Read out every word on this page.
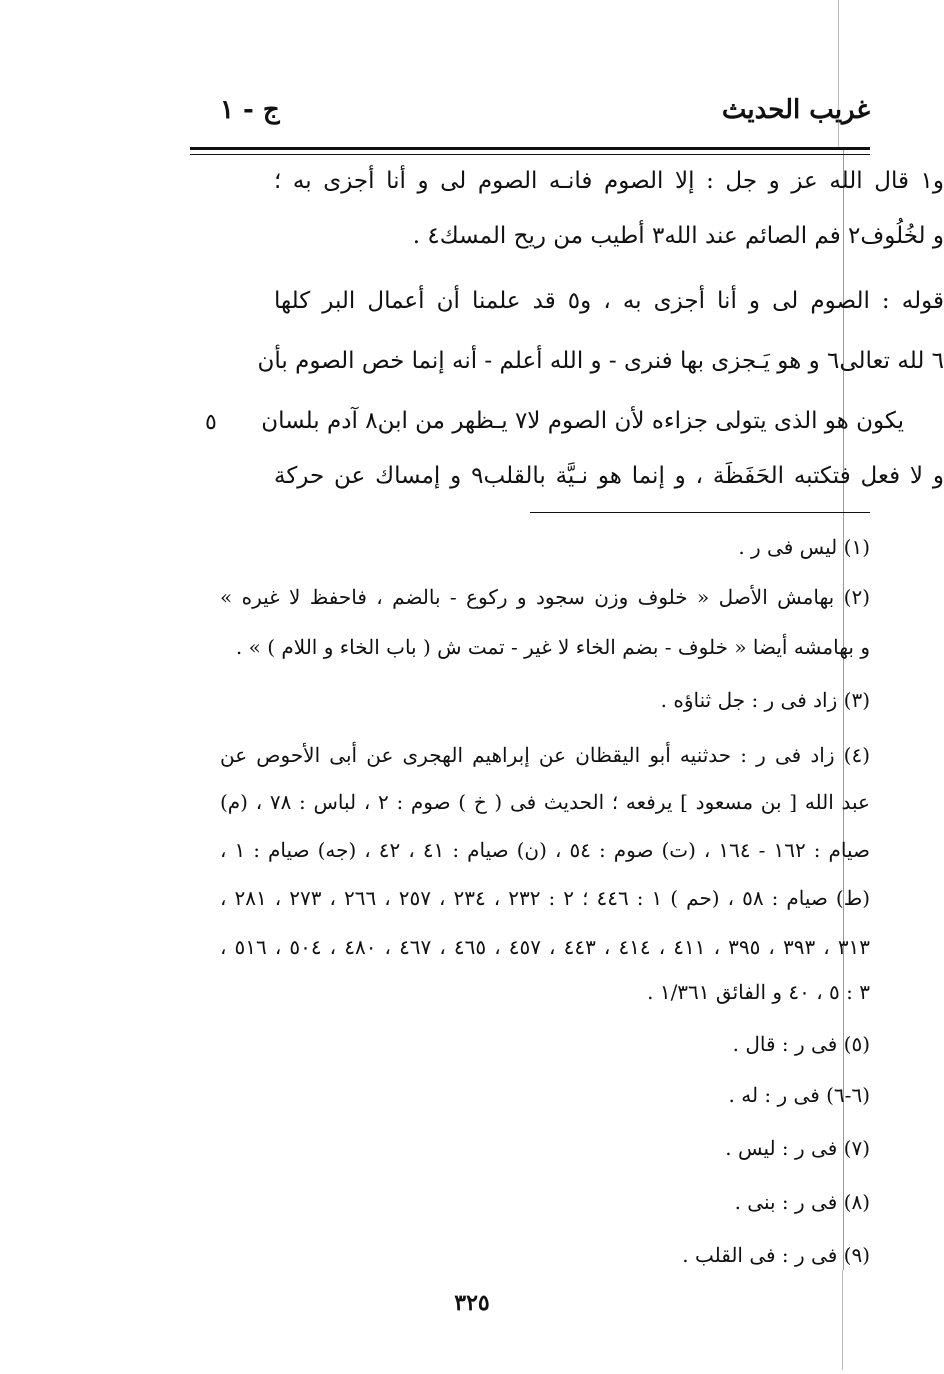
غريب الحديث
ج - ١
و١ قال الله عز و جل : إلا الصوم فانـه الصوم لى و أنا أجزى به ؛
و لخُلُوف٢ فم الصائم عند الله٣ أطيب من ريح المسك٤ .
قوله : الصوم لى و أنا أجزى به ، و٥ قد علمنا أن أعمال البر كلها
٦ لله تعالى٦ و هو يَـجزى بها فنرى - و الله أعلم - أنه إنما خص الصوم بأن
يكون هو الذى يتولى جزاءه لأن الصوم لا٧ يـظهر من ابن٨ آدم بلسان
و لا فعل فتكتبه الحَفَظَة ، و إنما هو نـيَّة بالقلب٩ و إمساك عن حركة
٥
(١) ليس فى ر .
(٢) بهامش الأصل « خلوف وزن سجود و ركوع - بالضم ، فاحفظ لا غيره »
و بهامشه أيضا « خلوف - بضم الخاء لا غير - تمت ش ( باب الخاء و اللام ) » .
(٣) زاد فى ر : جل ثناؤه .
(٤) زاد فى ر : حدثنيه أبو اليقظان عن إبراهيم الهجرى عن أبى الأحوص عن
عبد الله [ بن مسعود ] يرفعه ؛ الحديث فى ( خ ) صوم : ٢ ، لباس : ٧٨ ، (م)
صيام : ١٦٢ - ١٦٤ ، (ت) صوم : ٥٤ ، (ن) صيام : ٤١ ، ٤٢ ، (جه) صيام : ١ ،
(ط) صيام : ٥٨ ، (حم ) ١ : ٤٤٦ ؛ ٢ : ٢٣٢ ، ٢٣٤ ، ٢٥٧ ، ٢٦٦ ، ٢٧٣ ، ٢٨١ ،
٣١٣ ، ٣٩٣ ، ٣٩٥ ، ٤١١ ، ٤١٤ ، ٤٤٣ ، ٤٥٧ ، ٤٦٥ ، ٤٦٧ ، ٤٨٠ ، ٥٠٤ ، ٥١٦ ،
٣ : ٥ ، ٤٠ و الفائق ١/٣٦١ .
(٥) فى ر : قال .
(٦-٦) فى ر : له .
(٧) فى ر : ليس .
(٨) فى ر : بنى .
(٩) فى ر : فى القلب .
٣٢٥
